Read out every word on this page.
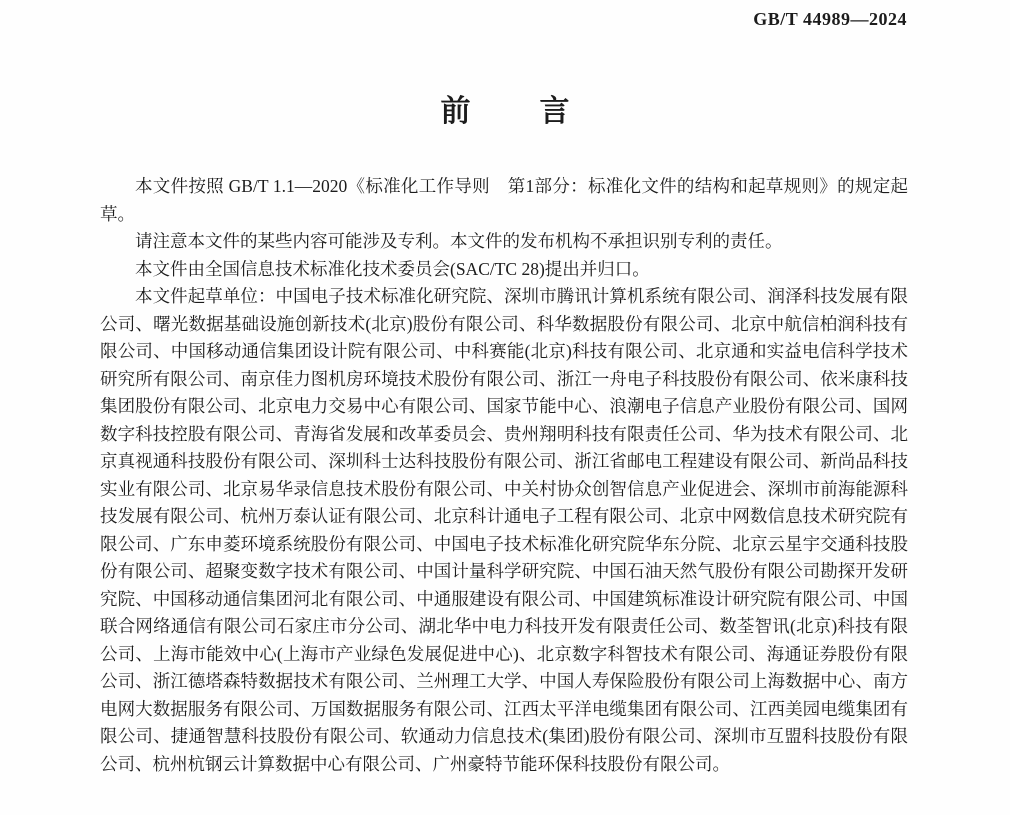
GB/T 44989—2024
前言

本文件按照 GB/T 1.1—2020《标准化工作导则　第1部分：标准化文件的结构和起草规则》的规定起草。

请注意本文件的某些内容可能涉及专利。本文件的发布机构不承担识别专利的责任。

本文件由全国信息技术标准化技术委员会(SAC/TC 28)提出并归口。

本文件起草单位：中国电子技术标准化研究院、深圳市腾讯计算机系统有限公司、润泽科技发展有限公司、曙光数据基础设施创新技术(北京)股份有限公司、科华数据股份有限公司、北京中航信柏润科技有限公司、中国移动通信集团设计院有限公司、中科赛能(北京)科技有限公司、北京通和实益电信科学技术研究所有限公司、南京佳力图机房环境技术股份有限公司、浙江一舟电子科技股份有限公司、依米康科技集团股份有限公司、北京电力交易中心有限公司、国家节能中心、浪潮电子信息产业股份有限公司、国网数字科技控股有限公司、青海省发展和改革委员会、贵州翔明科技有限责任公司、华为技术有限公司、北京真视通科技股份有限公司、深圳科士达科技股份有限公司、浙江省邮电工程建设有限公司、新尚品科技实业有限公司、北京易华录信息技术股份有限公司、中关村协众创智信息产业促进会、深圳市前海能源科技发展有限公司、杭州万泰认证有限公司、北京科计通电子工程有限公司、北京中网数信息技术研究院有限公司、广东申菱环境系统股份有限公司、中国电子技术标准化研究院华东分院、北京云星宇交通科技股份有限公司、超聚变数字技术有限公司、中国计量科学研究院、中国石油天然气股份有限公司勘探开发研究院、中国移动通信集团河北有限公司、中通服建设有限公司、中国建筑标准设计研究院有限公司、中国联合网络通信有限公司石家庄市分公司、湖北华中电力科技开发有限责任公司、数荃智讯(北京)科技有限公司、上海市能效中心(上海市产业绿色发展促进中心)、北京数字科智技术有限公司、海通证券股份有限公司、浙江德塔森特数据技术有限公司、兰州理工大学、中国人寿保险股份有限公司上海数据中心、南方电网大数据服务有限公司、万国数据服务有限公司、江西太平洋电缆集团有限公司、江西美园电缆集团有限公司、捷通智慧科技股份有限公司、软通动力信息技术(集团)股份有限公司、深圳市互盟科技股份有限公司、杭州杭钢云计算数据中心有限公司、广州豪特节能环保科技股份有限公司。
